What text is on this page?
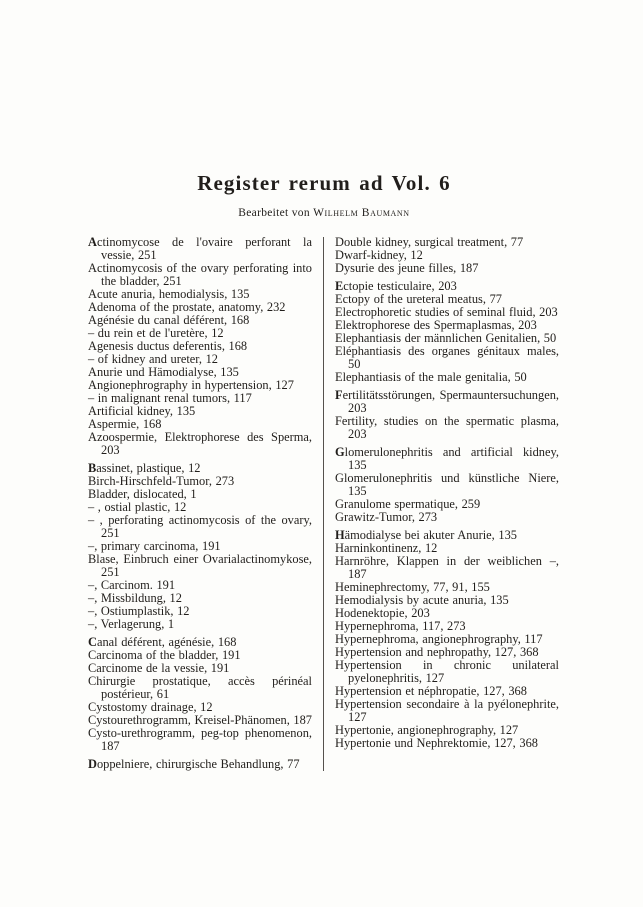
Register rerum ad Vol. 6
Bearbeitet von Wilhelm Baumann
Actinomycose de l'ovaire perforant la vessie, 251
Actinomycosis of the ovary perforating into the bladder, 251
Acute anuria, hemodialysis, 135
Adenoma of the prostate, anatomy, 232
Agénésie du canal déférent, 168
– du rein et de l'uretère, 12
Agenesis ductus deferentis, 168
– of kidney and ureter, 12
Anurie und Hämodialyse, 135
Angionephrography in hypertension, 127
– in malignant renal tumors, 117
Artificial kidney, 135
Aspermie, 168
Azoospermie, Elektrophorese des Sperma, 203
Bassinet, plastique, 12
Birch-Hirschfeld-Tumor, 273
Bladder, dislocated, 1
– , ostial plastic, 12
– , perforating actinomycosis of the ovary, 251
–, primary carcinoma, 191
Blase, Einbruch einer Ovarialactinomykose, 251
–, Carcinom. 191
–, Missbildung, 12
–, Ostiumplastik, 12
–, Verlagerung, 1
Canal déférent, agénésie, 168
Carcinoma of the bladder, 191
Carcinome de la vessie, 191
Chirurgie prostatique, accès périnéal postérieur, 61
Cystostomy drainage, 12
Cystourethrogramm, Kreisel-Phänomen, 187
Cysto-urethrogramm, peg-top phenomenon, 187
Doppelniere, chirurgische Behandlung, 77
Double kidney, surgical treatment, 77
Dwarf-kidney, 12
Dysurie des jeune filles, 187
Ectopie testiculaire, 203
Ectopy of the ureteral meatus, 77
Electrophoretic studies of seminal fluid, 203
Elektrophorese des Spermaplasmas, 203
Elephantiasis der männlichen Genitalien, 50
Eléphantiasis des organes génitaux males, 50
Elephantiasis of the male genitalia, 50
Fertilitätsstörungen, Spermauntersuchungen, 203
Fertility, studies on the spermatic plasma, 203
Glomerulonephritis and artificial kidney, 135
Glomerulonephritis und künstliche Niere, 135
Granulome spermatique, 259
Grawitz-Tumor, 273
Hämodialyse bei akuter Anurie, 135
Harninkontinenz, 12
Harnröhre, Klappen in der weiblichen –, 187
Heminephrectomy, 77, 91, 155
Hemodialysis by acute anuria, 135
Hodenektopie, 203
Hypernephroma, 117, 273
Hypernephroma, angionephrography, 117
Hypertension and nephropathy, 127, 368
Hypertension in chronic unilateral pyelonephritis, 127
Hypertension et néphropatie, 127, 368
Hypertension secondaire à la pyélonephrite, 127
Hypertonie, angionephrography, 127
Hypertonie und Nephrektomie, 127, 368
